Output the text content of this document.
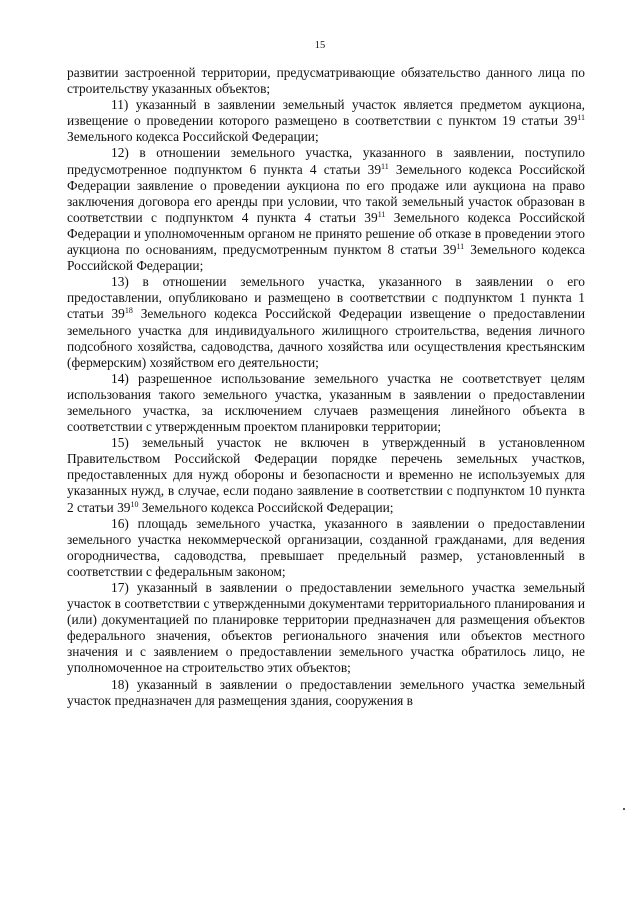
15

развитии застроенной территории, предусматривающие обязательство данного лица по строительству указанных объектов;

11) указанный в заявлении земельный участок является предметом аукциона, извещение о проведении которого размещено в соответствии с пунктом 19 статьи $39^{11}$ Земельного кодекса Российской Федерации;

12) в отношении земельного участка, указанного в заявлении, поступило предусмотренное подпунктом 6 пункта 4 статьи $39^{11}$ Земельного кодекса Российской Федерации заявление о проведении аукциона по его продаже или аукциона на право заключения договора его аренды при условии, что такой земельный участок образован в соответствии с подпунктом 4 пункта 4 статьи $39^{11}$ Земельного кодекса Российской Федерации и уполномоченным органом не принято решение об отказе в проведении этого аукциона по основаниям, предусмотренным пунктом 8 статьи $39^{11}$ Земельного кодекса Российской Федерации;

13) в отношении земельного участка, указанного в заявлении о его предоставлении, опубликовано и размещено в соответствии с подпунктом 1 пункта 1 статьи $39^{18}$ Земельного кодекса Российской Федерации извещение о предоставлении земельного участка для индивидуального жилищного строительства, ведения личного подсобного хозяйства, садоводства, дачного хозяйства или осуществления крестьянским (фермерским) хозяйством его деятельности;

14) разрешенное использование земельного участка не соответствует целям использования такого земельного участка, указанным в заявлении о предоставлении земельного участка, за исключением случаев размещения линейного объекта в соответствии с утвержденным проектом планировки территории;

15) земельный участок не включен в утвержденный в установленном Правительством Российской Федерации порядке перечень земельных участков, предоставленных для нужд обороны и безопасности и временно не используемых для указанных нужд, в случае, если подано заявление в соответствии с подпунктом 10 пункта 2 статьи $39^{10}$ Земельного кодекса Российской Федерации;

16) площадь земельного участка, указанного в заявлении о предоставлении земельного участка некоммерческой организации, созданной гражданами, для ведения огородничества, садоводства, превышает предельный размер, установленный в соответствии с федеральным законом;

17) указанный в заявлении о предоставлении земельного участка земельный участок в соответствии с утвержденными документами территориального планирования и (или) документацией по планировке территории предназначен для размещения объектов федерального значения, объектов регионального значения или объектов местного значения и с заявлением о предоставлении земельного участка обратилось лицо, не уполномоченное на строительство этих объектов;

18) указанный в заявлении о предоставлении земельного участка земельный участок предназначен для размещения здания, сооружения в
